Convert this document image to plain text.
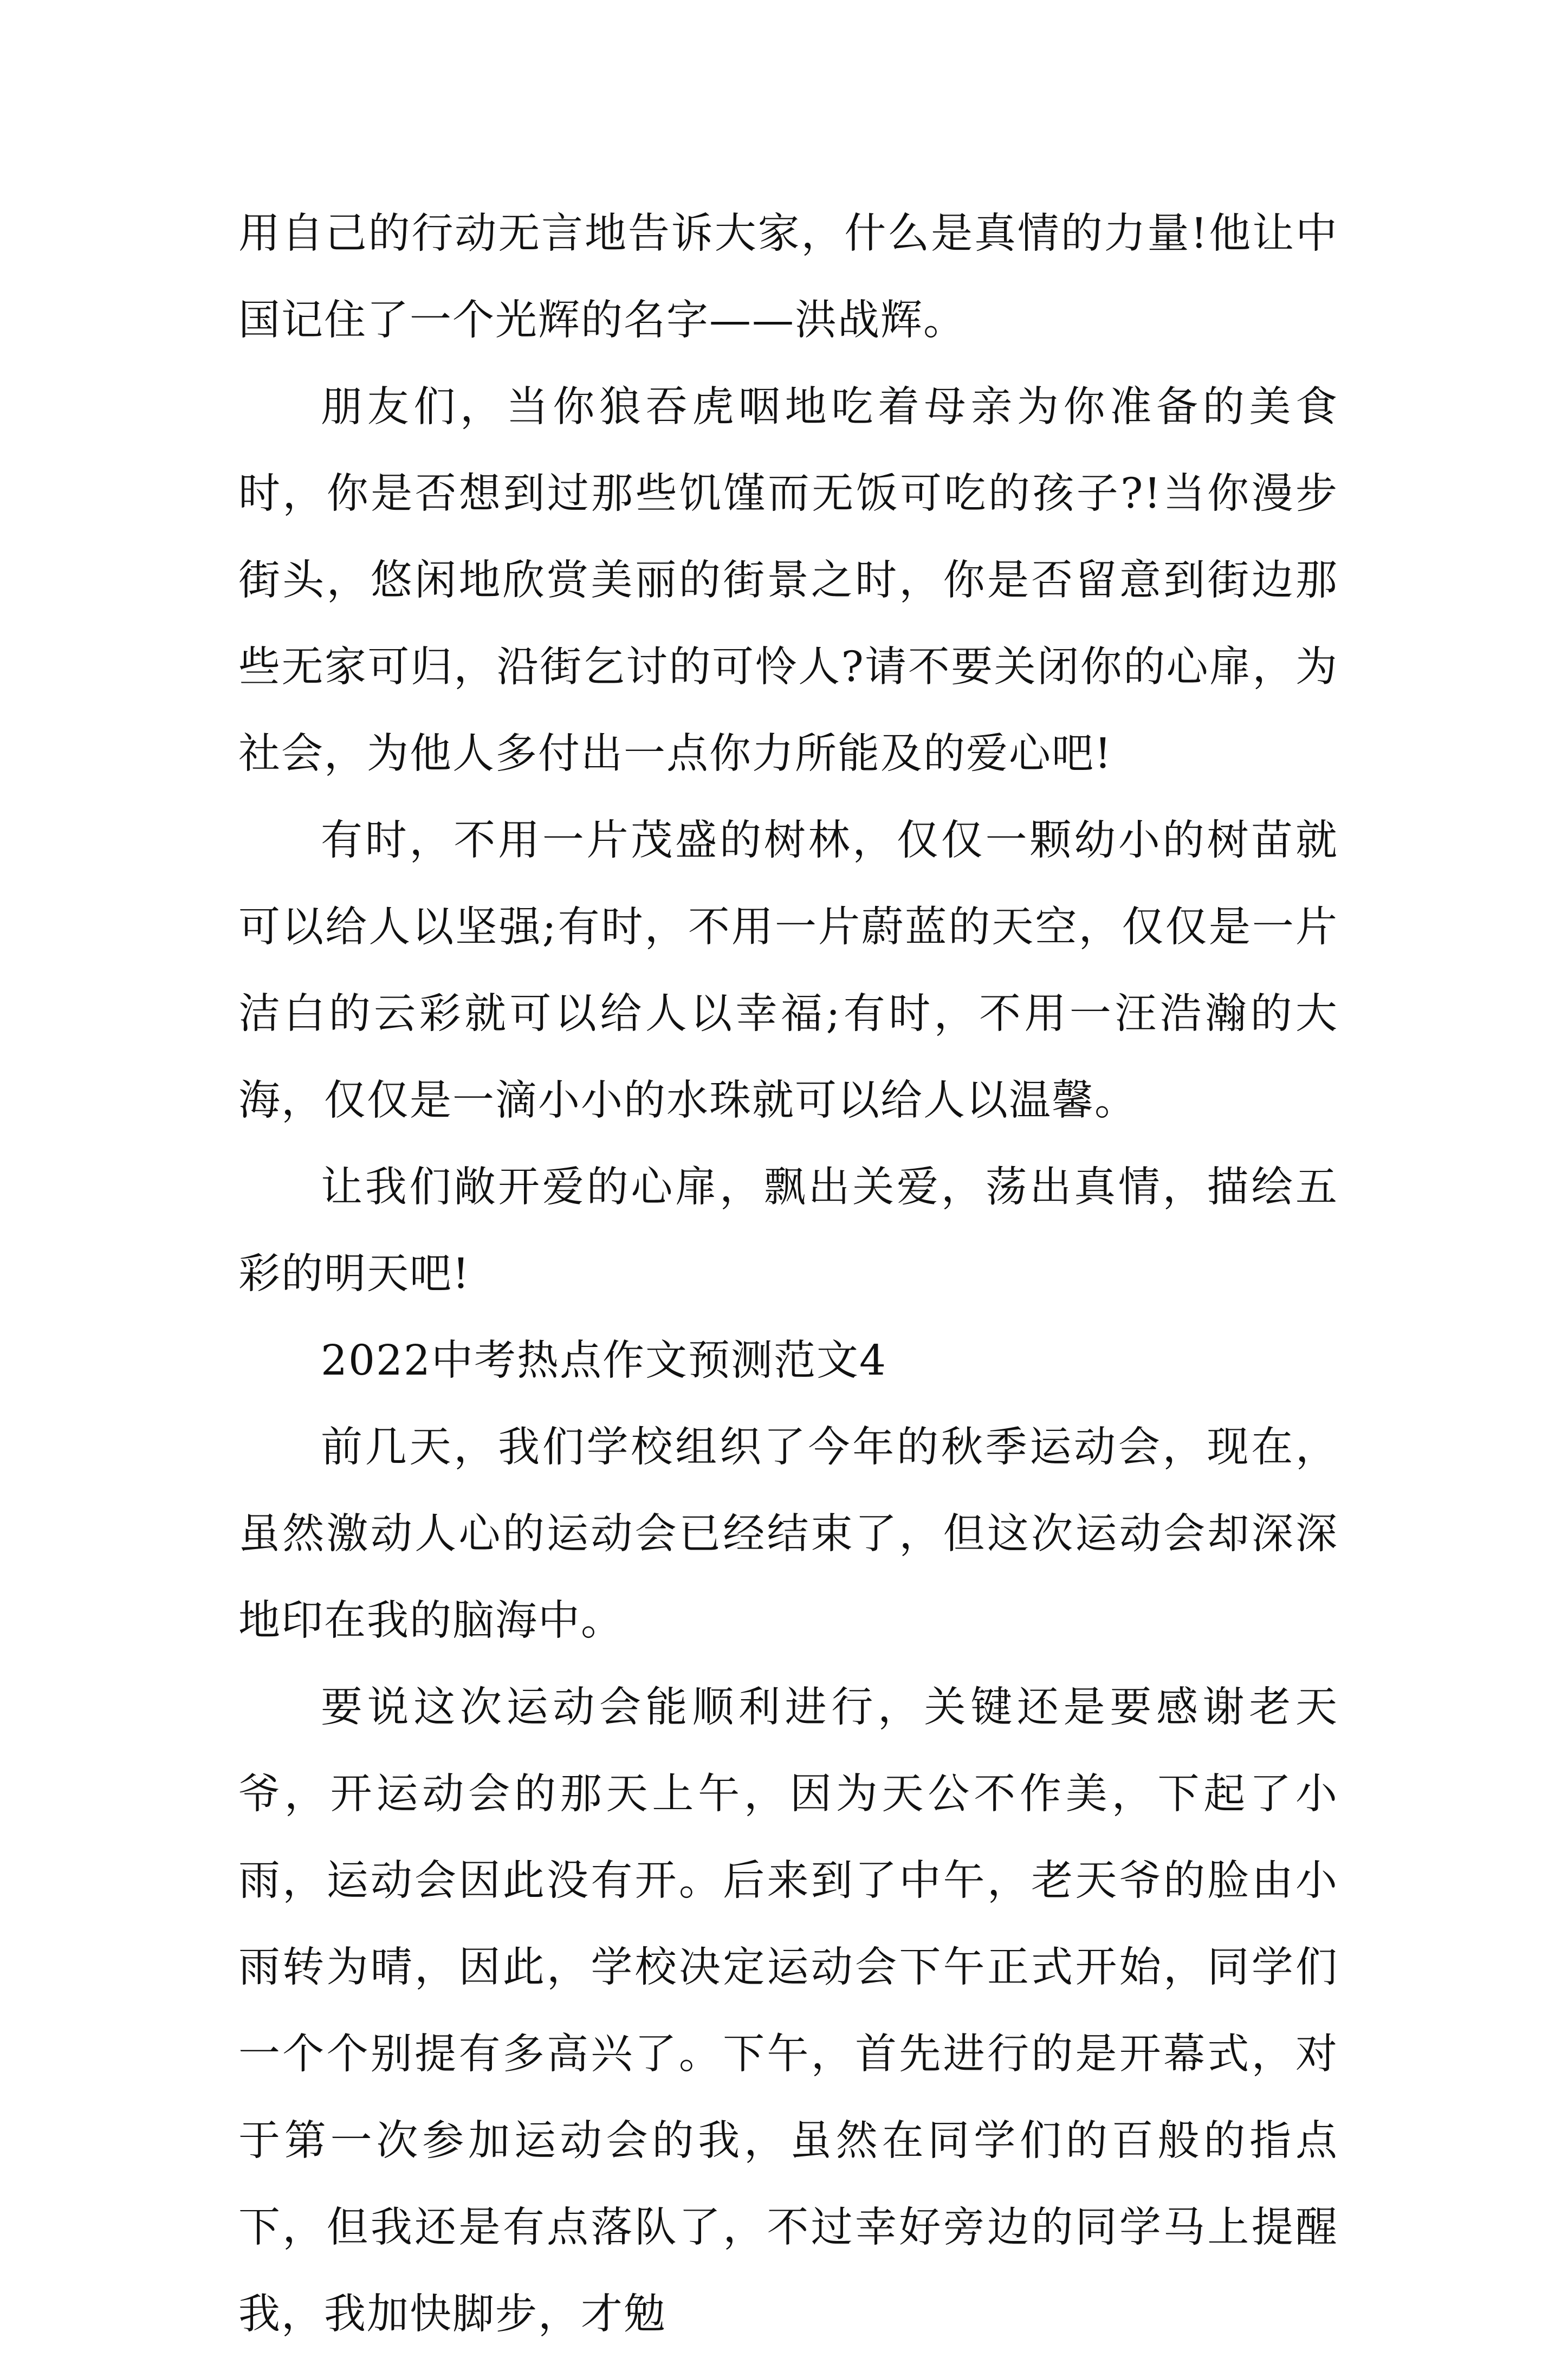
用自己的行动无言地告诉大家，什么是真情的力量!他让中国记住了一个光辉的名字——洪战辉。

朋友们，当你狼吞虎咽地吃着母亲为你准备的美食时，你是否想到过那些饥馑而无饭可吃的孩子?!当你漫步街头，悠闲地欣赏美丽的街景之时，你是否留意到街边那些无家可归，沿街乞讨的可怜人?请不要关闭你的心扉，为社会，为他人多付出一点你力所能及的爱心吧!

有时，不用一片茂盛的树林，仅仅一颗幼小的树苗就可以给人以坚强;有时，不用一片蔚蓝的天空，仅仅是一片洁白的云彩就可以给人以幸福;有时，不用一汪浩瀚的大海，仅仅是一滴小小的水珠就可以给人以温馨。

让我们敞开爱的心扉，飘出关爱，荡出真情，描绘五彩的明天吧!

2022中考热点作文预测范文4

前几天，我们学校组织了今年的秋季运动会，现在，虽然激动人心的运动会已经结束了，但这次运动会却深深地印在我的脑海中。

要说这次运动会能顺利进行，关键还是要感谢老天爷，开运动会的那天上午，因为天公不作美，下起了小雨，运动会因此没有开。后来到了中午，老天爷的脸由小雨转为晴，因此，学校决定运动会下午正式开始，同学们一个个别提有多高兴了。下午，首先进行的是开幕式，对于第一次参加运动会的我，虽然在同学们的百般的指点下，但我还是有点落队了，不过幸好旁边的同学马上提醒我，我加快脚步，才勉
